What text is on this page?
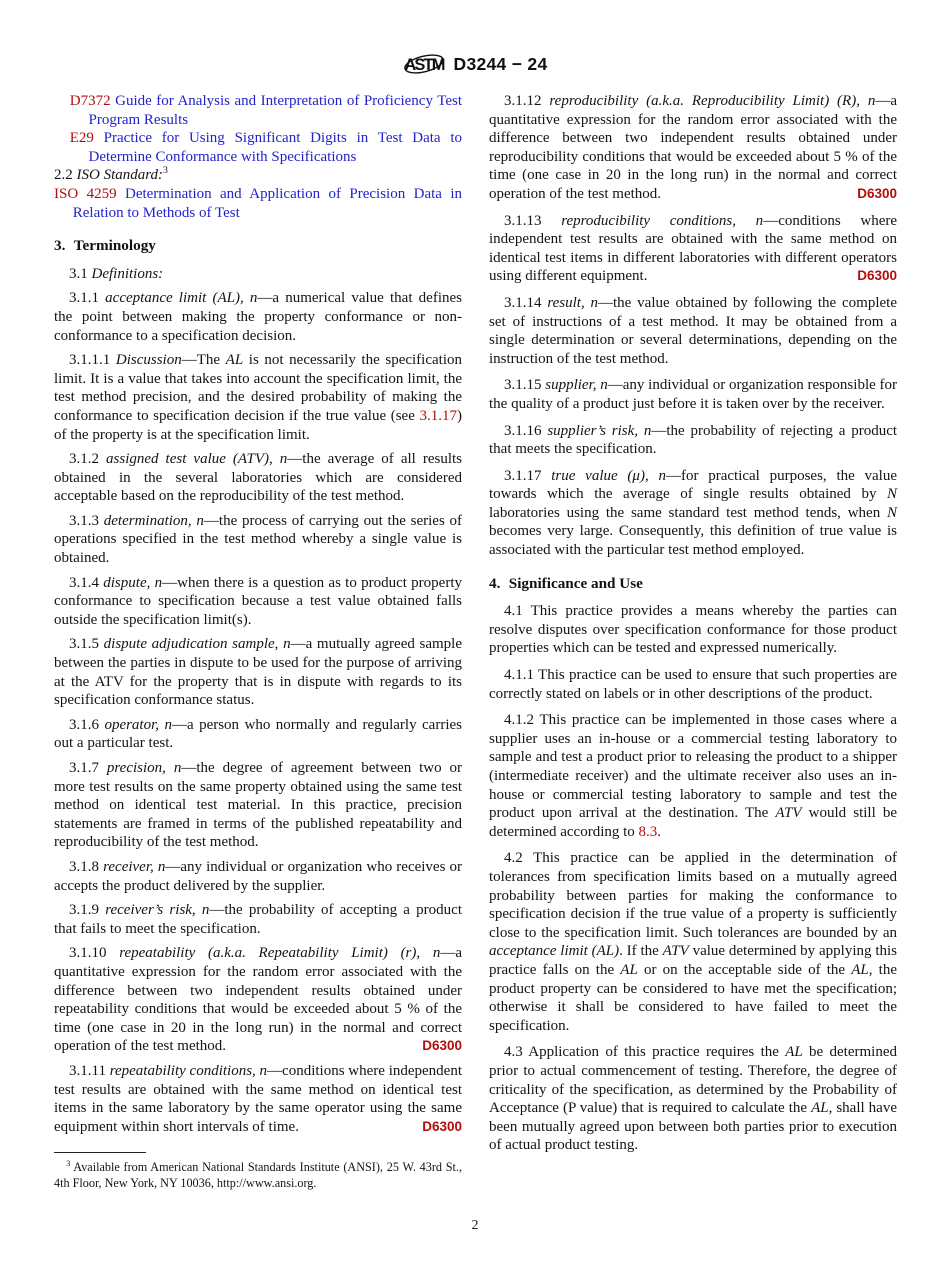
ASTM D3244 − 24

D7372 Guide for Analysis and Interpretation of Proficiency Test Program Results

E29 Practice for Using Significant Digits in Test Data to Determine Conformance with Specifications

2.2 ISO Standard:$^3$

ISO 4259 Determination and Application of Precision Data in Relation to Methods of Test

3. Terminology

3.1 Definitions:

3.1.1 acceptance limit (AL), n—a numerical value that defines the point between making the property conformance or non-conformance to a specification decision.

3.1.1.1 Discussion—The AL is not necessarily the specification limit. It is a value that takes into account the specification limit, the test method precision, and the desired probability of making the conformance to specification decision if the true value (see 3.1.17) of the property is at the specification limit.

3.1.2 assigned test value (ATV), n—the average of all results obtained in the several laboratories which are considered acceptable based on the reproducibility of the test method.

3.1.3 determination, n—the process of carrying out the series of operations specified in the test method whereby a single value is obtained.

3.1.4 dispute, n—when there is a question as to product property conformance to specification because a test value obtained falls outside the specification limit(s).

3.1.5 dispute adjudication sample, n—a mutually agreed sample between the parties in dispute to be used for the purpose of arriving at the ATV for the property that is in dispute with regards to its specification conformance status.

3.1.6 operator, n—a person who normally and regularly carries out a particular test.

3.1.7 precision, n—the degree of agreement between two or more test results on the same property obtained using the same test method on identical test material. In this practice, precision statements are framed in terms of the published repeatability and reproducibility of the test method.

3.1.8 receiver, n—any individual or organization who receives or accepts the product delivered by the supplier.

3.1.9 receiver’s risk, n—the probability of accepting a product that fails to meet the specification.

3.1.10 repeatability (a.k.a. Repeatability Limit) (r), n—a quantitative expression for the random error associated with the difference between two independent results obtained under repeatability conditions that would be exceeded about 5 % of the time (one case in 20 in the long run) in the normal and correct operation of the test method.	D6300

3.1.11 repeatability conditions, n—conditions where independent test results are obtained with the same method on identical test items in the same laboratory by the same operator using the same equipment within short intervals of time.	D6300

$^3$ Available from American National Standards Institute (ANSI), 25 W. 43rd St., 4th Floor, New York, NY 10036, http://www.ansi.org.

3.1.12 reproducibility (a.k.a. Reproducibility Limit) (R), n—a quantitative expression for the random error associated with the difference between two independent results obtained under reproducibility conditions that would be exceeded about 5 % of the time (one case in 20 in the long run) in the normal and correct operation of the test method.	D6300

3.1.13 reproducibility conditions, n—conditions where independent test results are obtained with the same method on identical test items in different laboratories with different operators using different equipment.	D6300

3.1.14 result, n—the value obtained by following the complete set of instructions of a test method. It may be obtained from a single determination or several determinations, depending on the instruction of the test method.

3.1.15 supplier, n—any individual or organization responsible for the quality of a product just before it is taken over by the receiver.

3.1.16 supplier’s risk, n—the probability of rejecting a product that meets the specification.

3.1.17 true value (μ), n—for practical purposes, the value towards which the average of single results obtained by N laboratories using the same standard test method tends, when N becomes very large. Consequently, this definition of true value is associated with the particular test method employed.

4. Significance and Use

4.1 This practice provides a means whereby the parties can resolve disputes over specification conformance for those product properties which can be tested and expressed numerically.

4.1.1 This practice can be used to ensure that such properties are correctly stated on labels or in other descriptions of the product.

4.1.2 This practice can be implemented in those cases where a supplier uses an in-house or a commercial testing laboratory to sample and test a product prior to releasing the product to a shipper (intermediate receiver) and the ultimate receiver also uses an in-house or commercial testing laboratory to sample and test the product upon arrival at the destination. The ATV would still be determined according to 8.3.

4.2 This practice can be applied in the determination of tolerances from specification limits based on a mutually agreed probability between parties for making the conformance to specification decision if the true value of a property is sufficiently close to the specification limit. Such tolerances are bounded by an acceptance limit (AL). If the ATV value determined by applying this practice falls on the AL or on the acceptable side of the AL, the product property can be considered to have met the specification; otherwise it shall be considered to have failed to meet the specification.

4.3 Application of this practice requires the AL be determined prior to actual commencement of testing. Therefore, the degree of criticality of the specification, as determined by the Probability of Acceptance (P value) that is required to calculate the AL, shall have been mutually agreed upon between both parties prior to execution of actual product testing.

2
